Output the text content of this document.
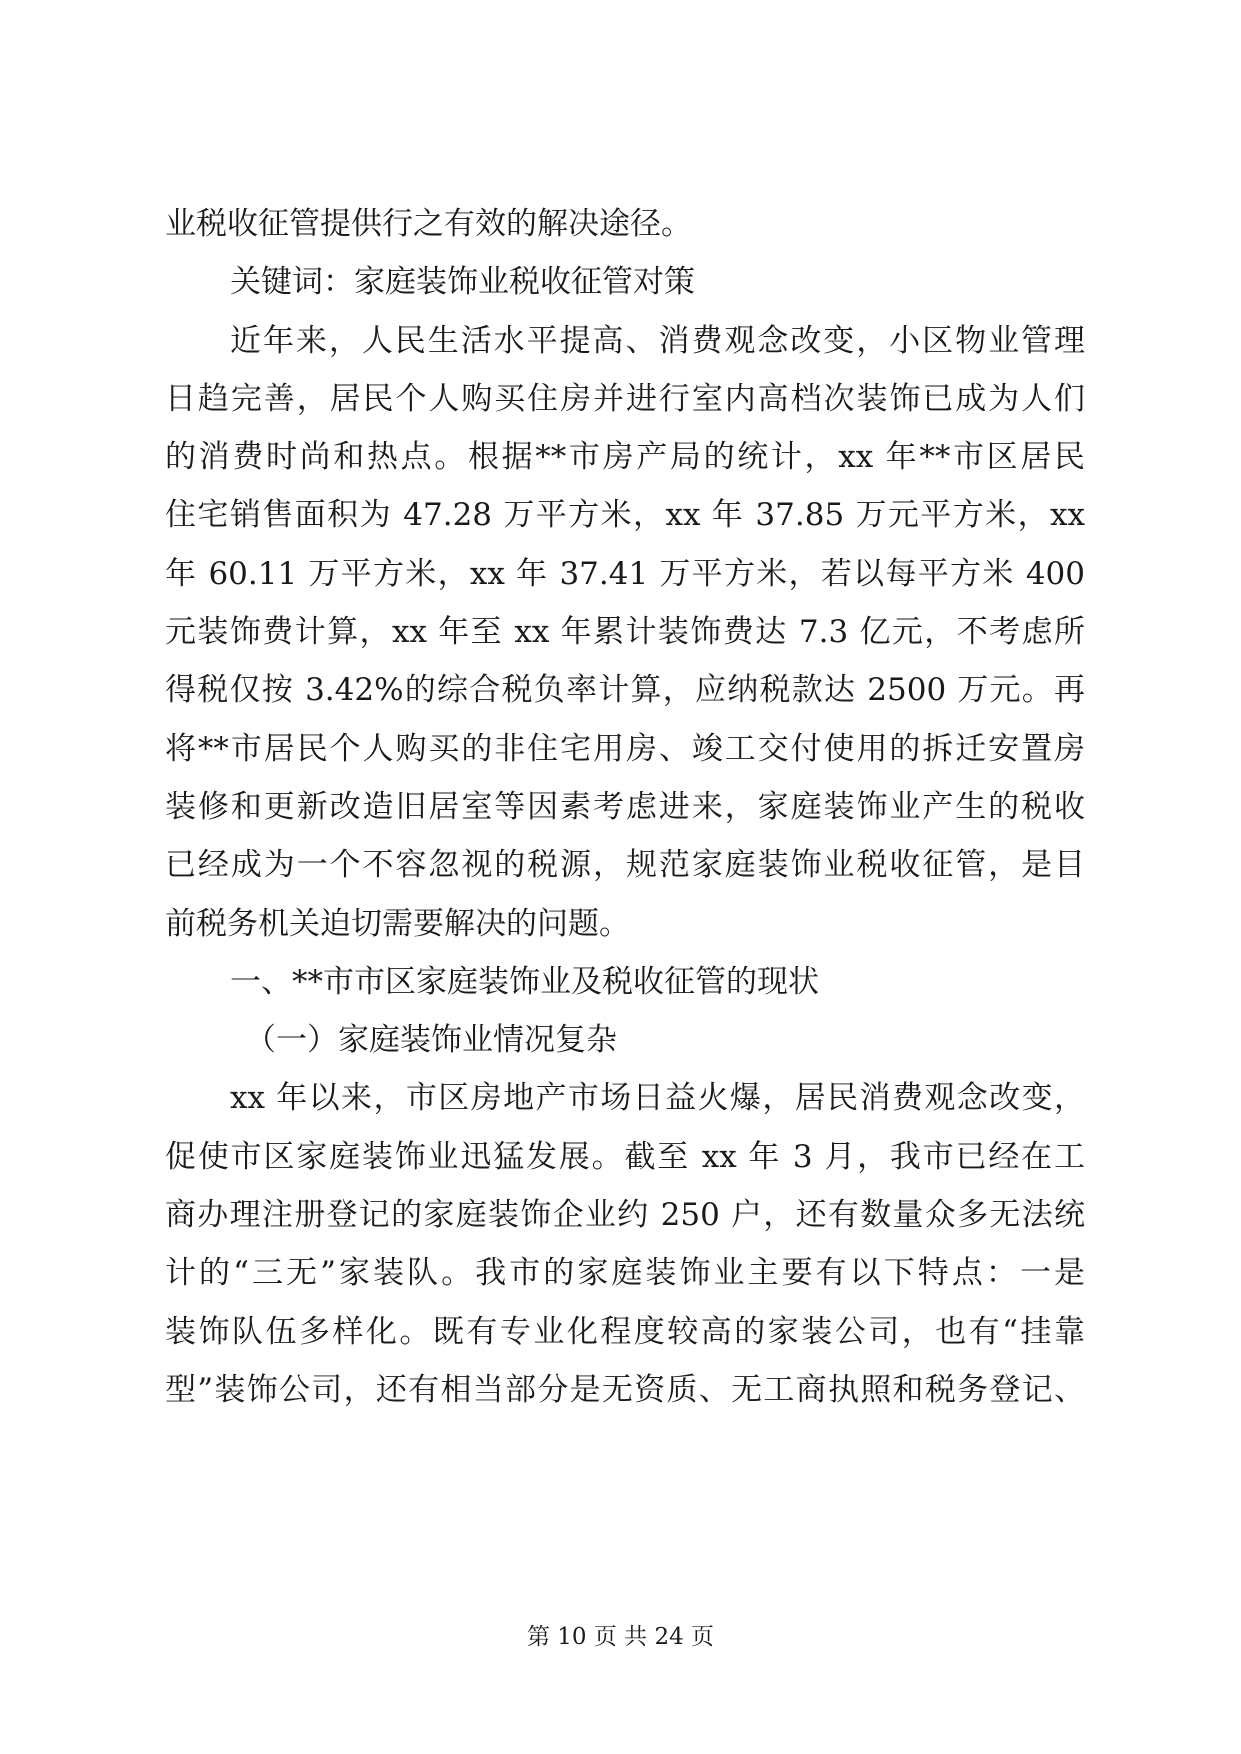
业税收征管提供行之有效的解决途径。
关键词：家庭装饰业税收征管对策
近年来，人民生活水平提高、消费观念改变，小区物业管理
日趋完善，居民个人购买住房并进行室内高档次装饰已成为人们
的消费时尚和热点。根据**市房产局的统计，xx 年**市区居民
住宅销售面积为 47.28 万平方米，xx 年 37.85 万元平方米，xx
年 60.11 万平方米，xx 年 37.41 万平方米，若以每平方米 400
元装饰费计算，xx 年至 xx 年累计装饰费达 7.3 亿元，不考虑所
得税仅按 3.42%的综合税负率计算，应纳税款达 2500 万元。再
将**市居民个人购买的非住宅用房、竣工交付使用的拆迁安置房
装修和更新改造旧居室等因素考虑进来，家庭装饰业产生的税收
已经成为一个不容忽视的税源，规范家庭装饰业税收征管，是目
前税务机关迫切需要解决的问题。
一、**市市区家庭装饰业及税收征管的现状
（一）家庭装饰业情况复杂
xx 年以来，市区房地产市场日益火爆，居民消费观念改变，
促使市区家庭装饰业迅猛发展。截至 xx 年 3 月，我市已经在工
商办理注册登记的家庭装饰企业约 250 户，还有数量众多无法统
计的“三无”家装队。我市的家庭装饰业主要有以下特点：一是
装饰队伍多样化。既有专业化程度较高的家装公司，也有“挂靠
型”装饰公司，还有相当部分是无资质、无工商执照和税务登记、
第 10 页 共 24 页
